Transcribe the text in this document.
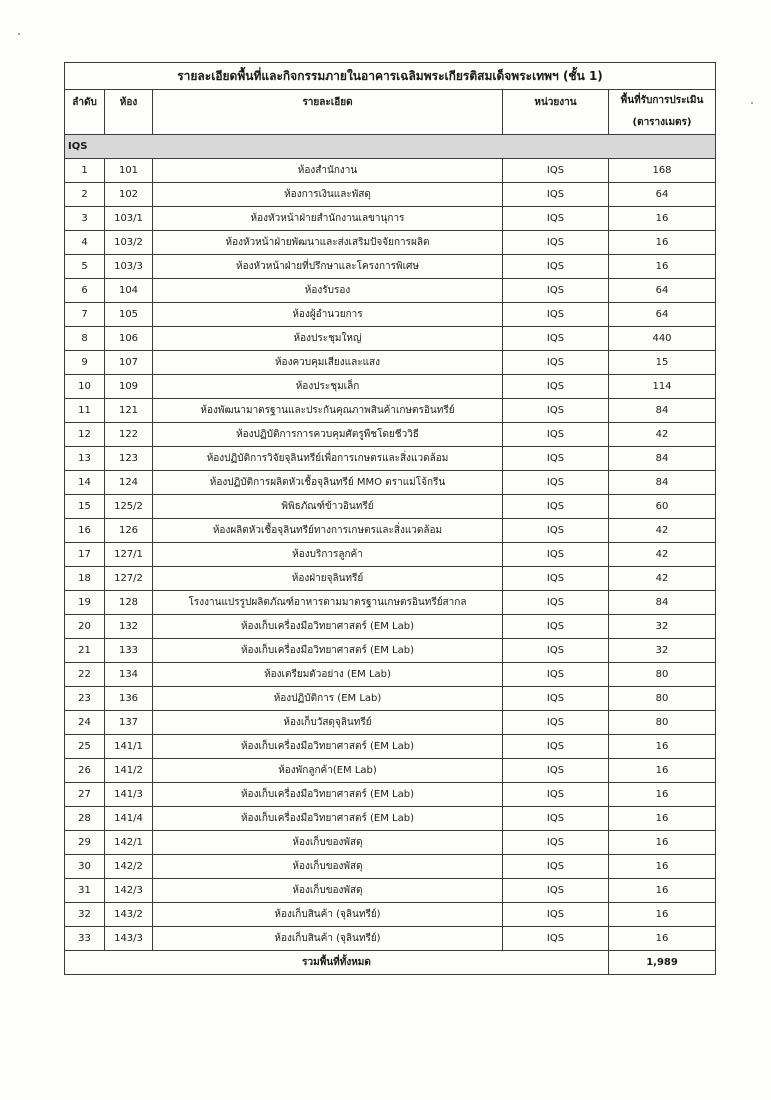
รายละเอียดพื้นที่และกิจกรรมภายในอาคารเฉลิมพระเกียรติสมเด็จพระเทพฯ (ชั้น 1)				
ลำดับ	ห้อง	รายละเอียด	หน่วยงาน	พื้นที่รับการประเมิน
(ตารางเมตร)

IQS				
1	101	ห้องสำนักงาน	IQS	168
2	102	ห้องการเงินและพัสดุ	IQS	64
3	103/1	ห้องหัวหน้าฝ่ายสำนักงานเลขานุการ	IQS	16
4	103/2	ห้องหัวหน้าฝ่ายพัฒนาและส่งเสริมปัจจัยการผลิต	IQS	16
5	103/3	ห้องหัวหน้าฝ่ายที่ปรึกษาและโครงการพิเศษ	IQS	16
6	104	ห้องรับรอง	IQS	64
7	105	ห้องผู้อำนวยการ	IQS	64
8	106	ห้องประชุมใหญ่	IQS	440
9	107	ห้องควบคุมเสียงและแสง	IQS	15
10	109	ห้องประชุมเล็ก	IQS	114
11	121	ห้องพัฒนามาตรฐานและประกันคุณภาพสินค้าเกษตรอินทรีย์	IQS	84
12	122	ห้องปฏิบัติการการควบคุมศัตรูพืชโดยชีววิธี	IQS	42
13	123	ห้องปฏิบัติการวิจัยจุลินทรีย์เพื่อการเกษตรและสิ่งแวดล้อม	IQS	84
14	124	ห้องปฏิบัติการผลิตหัวเชื้อจุลินทรีย์ MMO ตราแม่โจ้กรีน	IQS	84
15	125/2	พิพิธภัณฑ์ข้าวอินทรีย์	IQS	60
16	126	ห้องผลิตหัวเชื้อจุลินทรีย์ทางการเกษตรและสิ่งแวดล้อม	IQS	42
17	127/1	ห้องบริการลูกค้า	IQS	42
18	127/2	ห้องฝ่ายจุลินทรีย์	IQS	42
19	128	โรงงานแปรรูปผลิตภัณฑ์อาหารตามมาตรฐานเกษตรอินทรีย์สากล	IQS	84
20	132	ห้องเก็บเครื่องมือวิทยาศาสตร์ (EM Lab)	IQS	32
21	133	ห้องเก็บเครื่องมือวิทยาศาสตร์ (EM Lab)	IQS	32
22	134	ห้องเตรียมตัวอย่าง (EM Lab)	IQS	80
23	136	ห้องปฏิบัติการ (EM Lab)	IQS	80
24	137	ห้องเก็บวัสดุจุลินทรีย์	IQS	80
25	141/1	ห้องเก็บเครื่องมือวิทยาศาสตร์ (EM Lab)	IQS	16
26	141/2	ห้องพักลูกค้า(EM Lab)	IQS	16
27	141/3	ห้องเก็บเครื่องมือวิทยาศาสตร์ (EM Lab)	IQS	16
28	141/4	ห้องเก็บเครื่องมือวิทยาศาสตร์ (EM Lab)	IQS	16
29	142/1	ห้องเก็บของพัสดุ	IQS	16
30	142/2	ห้องเก็บของพัสดุ	IQS	16
31	142/3	ห้องเก็บของพัสดุ	IQS	16
32	143/2	ห้องเก็บสินค้า (จุลินทรีย์)	IQS	16
33	143/3	ห้องเก็บสินค้า (จุลินทรีย์)	IQS	16
รวมพื้นที่ทั้งหมด				1,989
